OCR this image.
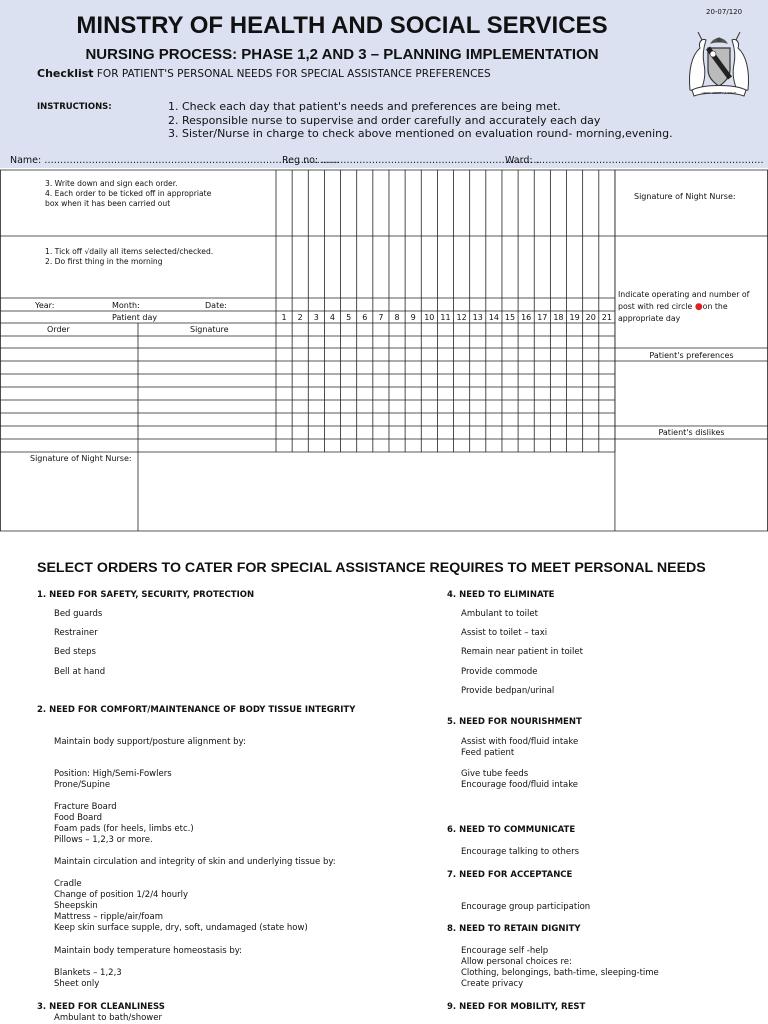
20-07/120
MINSTRY OF HEALTH AND SOCIAL SERVICES
NURSING PROCESS: PHASE 1,2 AND 3 – PLANNING IMPLEMENTATION
UNITY LIBERTY JUSTICE
Checklist FOR PATIENT'S PERSONAL NEEDS FOR SPECIAL ASSISTANCE PREFERENCES
INSTRUCTIONS:	1. Check each day that patient's needs and preferences are being met.
2. Responsible nurse to supervise and order carefully and accurately each day
3. Sister/Nurse in charge to check above mentioned on evaluation round- morning,evening.
Name: …………………………………………………………………………………
Reg no: ……………………………………………………………
Ward: ………………………………………………………………
3. Write down and sign each order.
4. Each order to be ticked off in appropriate
box when it has been carried out
1. Tick off √daily all items selected/checked.
2. Do first thing in the morning
Signature of Night Nurse:
Indicate operating and number of post with red circle ●on the appropriate day
Year:	Month:	Date:
Patient day	1	2	3	4	5	6	7	8	9	10 11 12 13 14 15 16 17 18 19 20 21
Order	Signature
Patient's preferences
Patient's dislikes
Signature of Night Nurse:
SELECT ORDERS TO CATER FOR SPECIAL ASSISTANCE REQUIRES TO MEET PERSONAL NEEDS
1. NEED FOR SAFETY, SECURITY, PROTECTION
Bed guards
Restrainer
Bed steps
Bell at hand
2. NEED FOR COMFORT/MAINTENANCE OF BODY TISSUE INTEGRITY
Maintain body support/posture alignment by:
Position: High/Semi-Fowlers
Prone/Supine
Fracture Board
Food Board
Foam pads (for heels, limbs etc.)
Pillows – 1,2,3 or more.
Maintain circulation and integrity of skin and underlying tissue by:
Cradle
Change of position 1/2/4 hourly
Sheepskin
Mattress – ripple/air/foam
Keep skin surface supple, dry, soft, undamaged (state how)
Maintain body temperature homeostasis by:
Blankets – 1,2,3
Sheet only
3. NEED FOR CLEANLINESS
Ambulant to bath/shower
4. NEED TO ELIMINATE
Ambulant to toilet
Assist to toilet – taxi
Remain near patient in toilet
Provide commode
Provide bedpan/urinal
5. NEED FOR NOURISHMENT
Assist with food/fluid intake
Feed patient
Give tube feeds
Encourage food/fluid intake
6. NEED TO COMMUNICATE
Encourage talking to others
7. NEED FOR ACCEPTANCE
Encourage group participation
8. NEED TO RETAIN DIGNITY
Encourage self -help
Allow personal choices re:
Clothing, belongings, bath-time, sleeping-time
Create privacy
9. NEED FOR MOBILITY, REST
